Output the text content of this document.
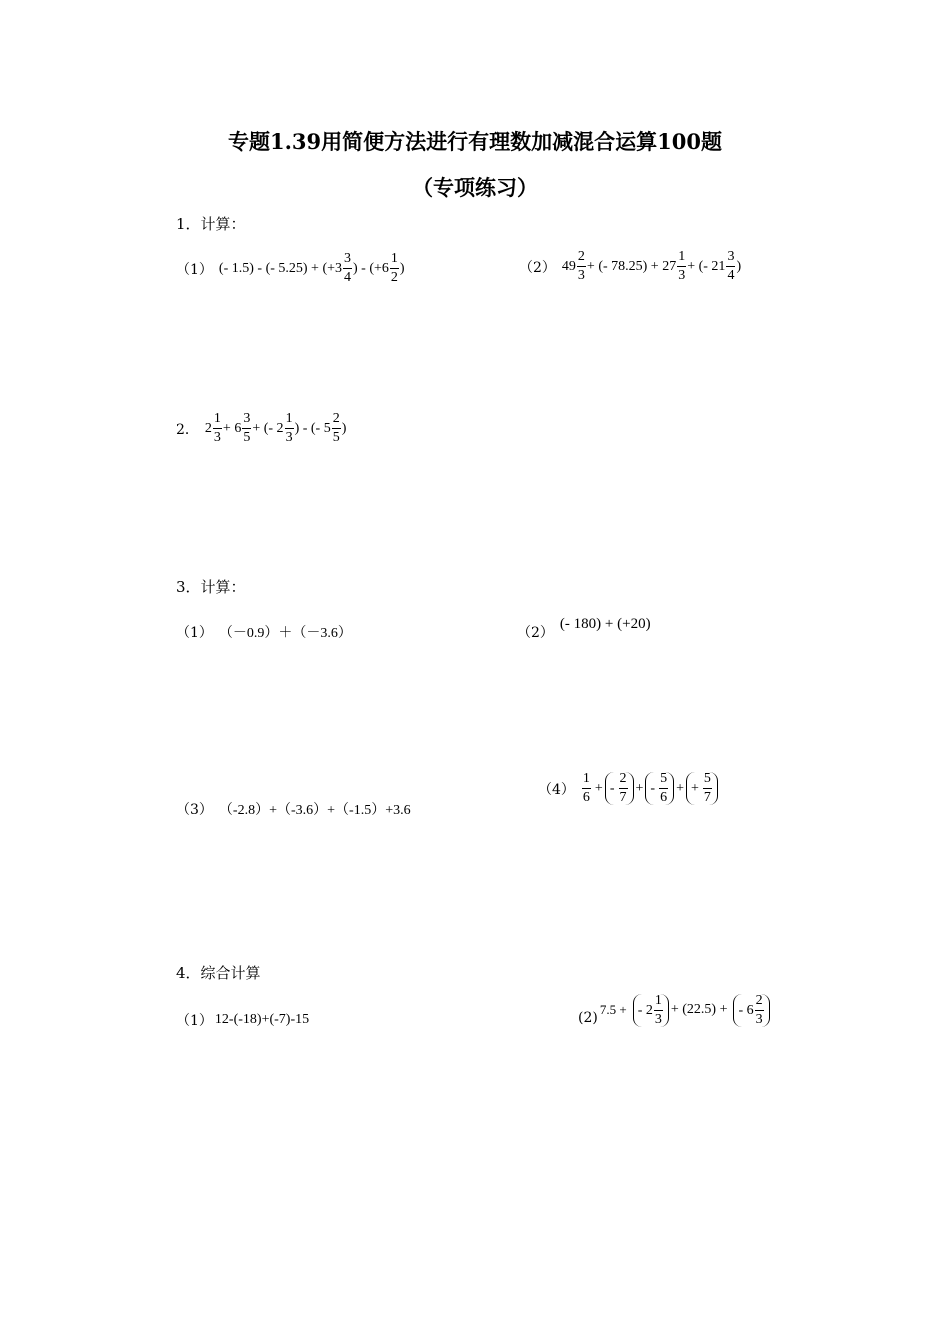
专题1.39用简便方法进行有理数加减混合运算100题
（专项练习）
1．计算：
（1） (- 1.5) - (- $5.25) + (+3 \frac{3}{4}$ ) - ($+6 \frac{1}{2}$ )	（2） $49 \frac{2}{3}$ + (- $78.25) + 27 \frac{1}{3}$ + (- $21 \frac{3}{4}$ )
2． $2 \frac{1}{3} + 6 \frac{3}{5}$ + (- $2 \frac{1}{3}$ ) - (- $5 \frac{2}{5}$ )
3．计算：
（1） （－0.9）＋（－3.6）	（2）
(- 180) + (+20)
（3） （-2.8）+（-3.6）+（-1.5）+3.6
$(4) \frac{1}{6}$ + - $\frac{2}{7}$ + - $\frac{5}{6}$ + + $\frac{5}{7}$
4．综合计算
（1） 12-(-18)+(-7)-15	(2) 7.5 + - $2 \frac{1}{3} + (22.5)$ + - $6 \frac{2}{3}$
